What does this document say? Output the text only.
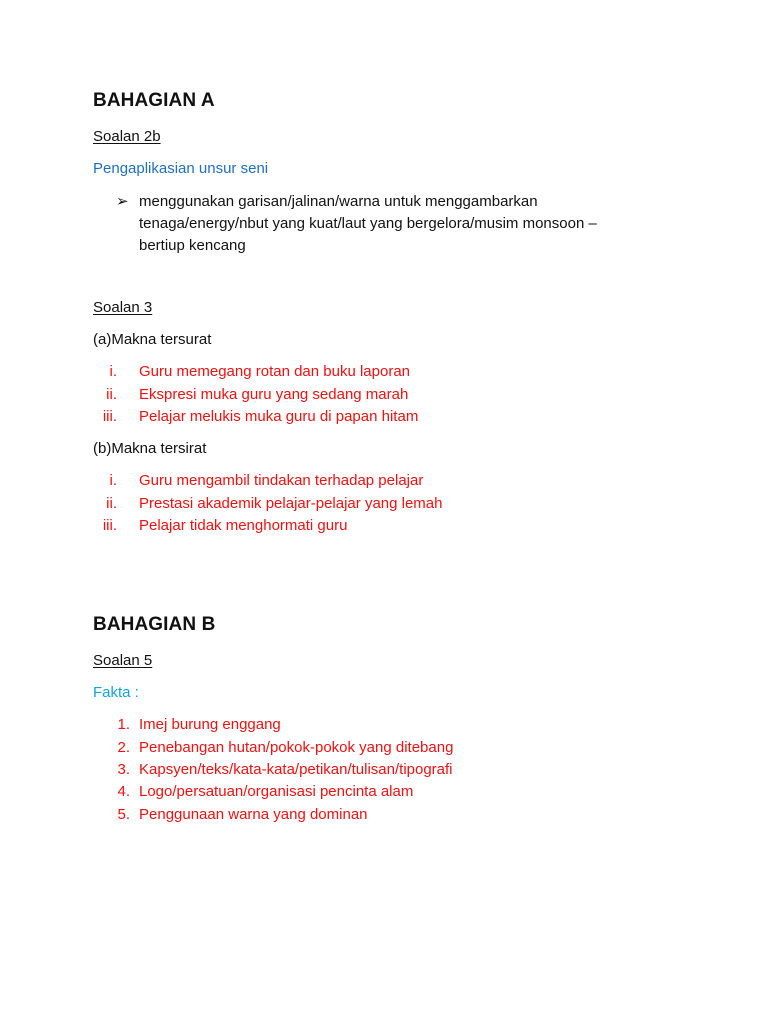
BAHAGIAN A
Soalan 2b
Pengaplikasian unsur seni
➢ menggunakan garisan/jalinan/warna untuk menggambarkan
tenaga/energy/nbut yang kuat/laut yang bergelora/musim monsoon –
bertiup kencang
Soalan 3
(a)Makna tersurat
i. Guru memegang rotan dan buku laporan
ii. Ekspresi muka guru yang sedang marah
iii. Pelajar melukis muka guru di papan hitam
(b)Makna tersirat
i. Guru mengambil tindakan terhadap pelajar
ii. Prestasi akademik pelajar-pelajar yang lemah
iii. Pelajar tidak menghormati guru
BAHAGIAN B
Soalan 5
Fakta :
1. Imej burung enggang
2. Penebangan hutan/pokok-pokok yang ditebang
3. Kapsyen/teks/kata-kata/petikan/tulisan/tipografi
4. Logo/persatuan/organisasi pencinta alam
5. Penggunaan warna yang dominan
